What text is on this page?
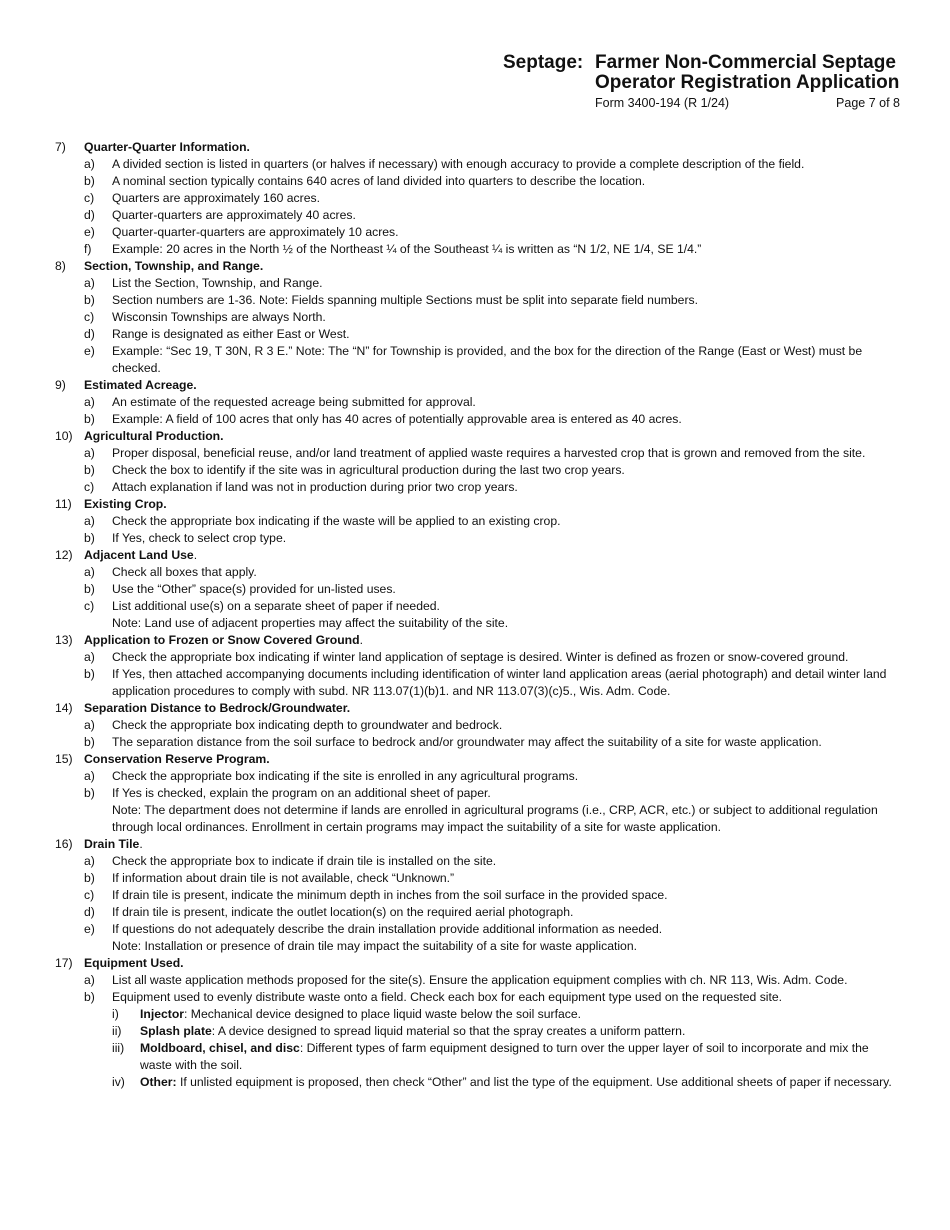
Septage: Farmer Non-Commercial Septage
Operator Registration Application
Form 3400-194 (R 1/24)	Page 7 of 8
7) Quarter-Quarter Information.
a) A divided section is listed in quarters (or halves if necessary) with enough accuracy to provide a complete description of the field.
b) A nominal section typically contains 640 acres of land divided into quarters to describe the location.
c) Quarters are approximately 160 acres.
d) Quarter-quarters are approximately 40 acres.
e) Quarter-quarter-quarters are approximately 10 acres.
f) Example: 20 acres in the North ½ of the Northeast ¼ of the Southeast ¼ is written as “N 1/2, NE 1/4, SE 1/4.”
8) Section, Township, and Range.
a) List the Section, Township, and Range.
b) Section numbers are 1-36. Note: Fields spanning multiple Sections must be split into separate field numbers.
c) Wisconsin Townships are always North.
d) Range is designated as either East or West.
e) Example: “Sec 19, T 30N, R 3 E.” Note: The “N” for Township is provided, and the box for the direction of the Range (East or West) must be checked.
9) Estimated Acreage.
a) An estimate of the requested acreage being submitted for approval.
b) Example: A field of 100 acres that only has 40 acres of potentially approvable area is entered as 40 acres.
10) Agricultural Production.
a) Proper disposal, beneficial reuse, and/or land treatment of applied waste requires a harvested crop that is grown and removed from the site.
b) Check the box to identify if the site was in agricultural production during the last two crop years.
c) Attach explanation if land was not in production during prior two crop years.
11) Existing Crop.
a) Check the appropriate box indicating if the waste will be applied to an existing crop.
b) If Yes, check to select crop type.
12) Adjacent Land Use.
a) Check all boxes that apply.
b) Use the “Other” space(s) provided for un-listed uses.
c) List additional use(s) on a separate sheet of paper if needed.
Note: Land use of adjacent properties may affect the suitability of the site.
13) Application to Frozen or Snow Covered Ground.
a) Check the appropriate box indicating if winter land application of septage is desired. Winter is defined as frozen or snow-covered ground.
b) If Yes, then attached accompanying documents including identification of winter land application areas (aerial photograph) and detail winter land application procedures to comply with subd. NR 113.07(1)(b)1. and NR 113.07(3)(c)5., Wis. Adm. Code.
14) Separation Distance to Bedrock/Groundwater.
a) Check the appropriate box indicating depth to groundwater and bedrock.
b) The separation distance from the soil surface to bedrock and/or groundwater may affect the suitability of a site for waste application.
15) Conservation Reserve Program.
a) Check the appropriate box indicating if the site is enrolled in any agricultural programs.
b) If Yes is checked, explain the program on an additional sheet of paper.
Note: The department does not determine if lands are enrolled in agricultural programs (i.e., CRP, ACR, etc.) or subject to additional regulation through local ordinances. Enrollment in certain programs may impact the suitability of a site for waste application.
16) Drain Tile.
a) Check the appropriate box to indicate if drain tile is installed on the site.
b) If information about drain tile is not available, check “Unknown.”
c) If drain tile is present, indicate the minimum depth in inches from the soil surface in the provided space.
d) If drain tile is present, indicate the outlet location(s) on the required aerial photograph.
e) If questions do not adequately describe the drain installation provide additional information as needed.
Note: Installation or presence of drain tile may impact the suitability of a site for waste application.
17) Equipment Used.
a) List all waste application methods proposed for the site(s). Ensure the application equipment complies with ch. NR 113, Wis. Adm. Code.
b) Equipment used to evenly distribute waste onto a field. Check each box for each equipment type used on the requested site.
i) Injector: Mechanical device designed to place liquid waste below the soil surface.
ii) Splash plate: A device designed to spread liquid material so that the spray creates a uniform pattern.
iii) Moldboard, chisel, and disc: Different types of farm equipment designed to turn over the upper layer of soil to incorporate and mix the waste with the soil.
iv) Other: If unlisted equipment is proposed, then check “Other” and list the type of the equipment. Use additional sheets of paper if necessary.
